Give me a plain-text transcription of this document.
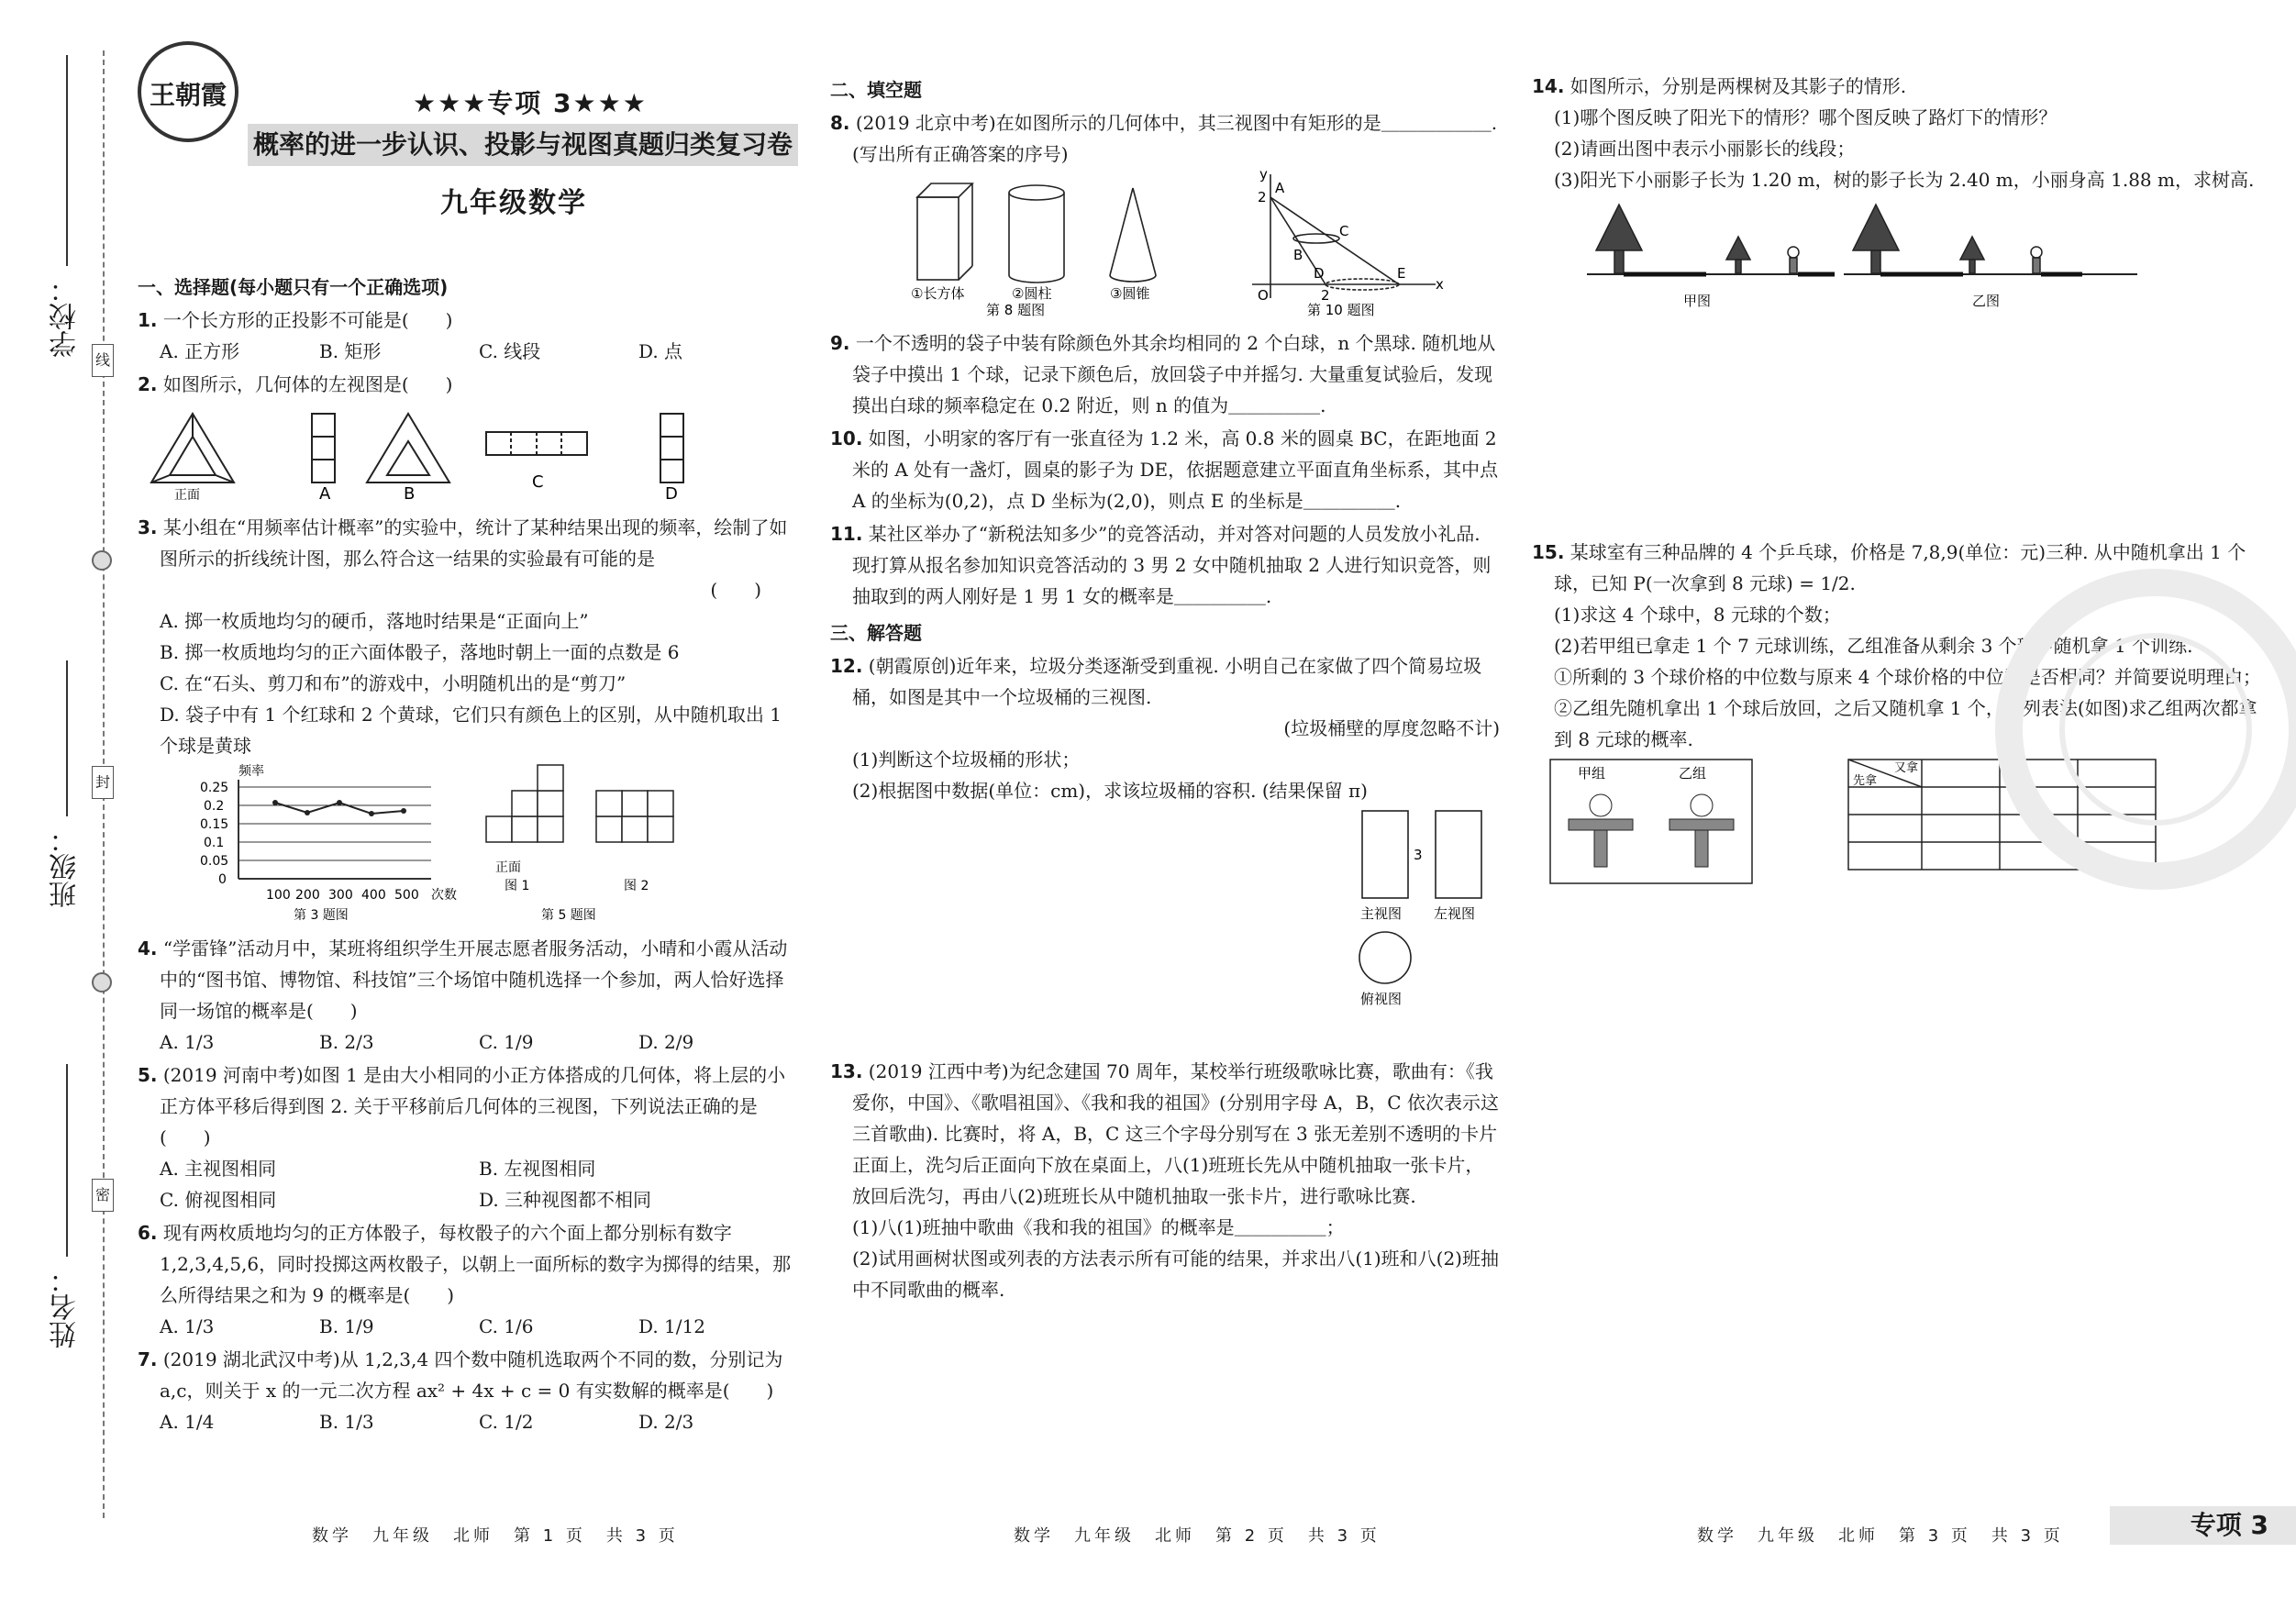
学校：
班级：
姓名：
线
封
密
王朝霞	★★★专项 3★★★
概率的进一步认识、投影与视图真题归类复习卷
九年级数学
一、选择题(每小题只有一个正确选项)
1. 一个长方形的正投影不可能是(　　)
A. 正方形	B. 矩形	C. 线段	D. 点
2. 如图所示，几何体的左视图是(　　)
正面	A	B
C
D
3. 某小组在“用频率估计概率”的实验中，统计了某种结果出现的频率，绘制了如图所示的折线统计图，那么符合这一结果的实验最有可能的是
(　　)
A. 掷一枚质地均匀的硬币，落地时结果是“正面向上”
B. 掷一枚质地均匀的正六面体骰子，落地时朝上一面的点数是 6
C. 在“石头、剪刀和布”的游戏中，小明随机出的是“剪刀”
D. 袋子中有 1 个红球和 2 个黄球，它们只有颜色上的区别，从中随机取出 1 个球是黄球
频率
0.25
0.2
0.15
0.1
0.05
0
100 200 300 400 500 次数
第 3 题图
正面
图 1	图 2
第 5 题图
4. “学雷锋”活动月中，某班将组织学生开展志愿者服务活动，小晴和小霞从活动中的“图书馆、博物馆、科技馆”三个场馆中随机选择一个参加，两人恰好选择同一场馆的概率是(　　)
A. 1/3	B. 2/3	C. 1/9	D. 2/9
5. (2019 河南中考)如图 1 是由大小相同的小正方体搭成的几何体，将上层的小正方体平移后得到图 2. 关于平移前后几何体的三视图，下列说法正确的是(　　)
A. 主视图相同	B. 左视图相同
C. 俯视图相同	D. 三种视图都不相同
6. 现有两枚质地均匀的正方体骰子，每枚骰子的六个面上都分别标有数字 1,2,3,4,5,6，同时投掷这两枚骰子，以朝上一面所标的数字为掷得的结果，那么所得结果之和为 9 的概率是(　　)
A. 1/3	B. 1/9	C. 1/6	D. 1/12
7. (2019 湖北武汉中考)从 1,2,3,4 四个数中随机选取两个不同的数，分别记为 a,c，则关于 x 的一元二次方程 ax² + 4x + c = 0 有实数解的概率是(　　)
A. 1/4	B. 1/3	C. 1/2	D. 2/3
二、填空题
8. (2019 北京中考)在如图所示的几何体中，其三视图中有矩形的是＿＿＿＿＿＿.(写出所有正确答案的序号)
①长方体	②圆柱	③圆锥
第 8 题图
y
A
2
C
B
D
2
E
x
O
第 10 题图
9. 一个不透明的袋子中装有除颜色外其余均相同的 2 个白球，n 个黑球. 随机地从袋子中摸出 1 个球，记录下颜色后，放回袋子中并摇匀. 大量重复试验后，发现摸出白球的频率稳定在 0.2 附近，则 n 的值为＿＿＿＿＿.
10. 如图，小明家的客厅有一张直径为 1.2 米，高 0.8 米的圆桌 BC，在距地面 2 米的 A 处有一盏灯，圆桌的影子为 DE，依据题意建立平面直角坐标系，其中点 A 的坐标为(0,2)，点 D 坐标为(2,0)，则点 E 的坐标是＿＿＿＿＿.
11. 某社区举办了“新税法知多少”的竞答活动，并对答对问题的人员发放小礼品. 现打算从报名参加知识竞答活动的 3 男 2 女中随机抽取 2 人进行知识竞答，则抽取到的两人刚好是 1 男 1 女的概率是＿＿＿＿＿.
三、解答题
12. (朝霞原创)近年来，垃圾分类逐渐受到重视. 小明自己在家做了四个简易垃圾桶，如图是其中一个垃圾桶的三视图.
(垃圾桶壁的厚度忽略不计)
(1)判断这个垃圾桶的形状；
(2)根据图中数据(单位：cm)，求该垃圾桶的容积. (结果保留 π)
3
主视图 左视图
俯视图
13. (2019 江西中考)为纪念建国 70 周年，某校举行班级歌咏比赛，歌曲有：《我爱你，中国》、《歌唱祖国》、《我和我的祖国》(分别用字母 A，B，C 依次表示这三首歌曲). 比赛时，将 A，B，C 这三个字母分别写在 3 张无差别不透明的卡片正面上，洗匀后正面向下放在桌面上，八(1)班班长先从中随机抽取一张卡片，放回后洗匀，再由八(2)班班长从中随机抽取一张卡片，进行歌咏比赛.
(1)八(1)班抽中歌曲《我和我的祖国》的概率是＿＿＿＿＿；
(2)试用画树状图或列表的方法表示所有可能的结果，并求出八(1)班和八(2)班抽中不同歌曲的概率.
14. 如图所示，分别是两棵树及其影子的情形.
(1)哪个图反映了阳光下的情形？哪个图反映了路灯下的情形？
(2)请画出图中表示小丽影长的线段；
(3)阳光下小丽影子长为 1.20 m，树的影子长为 2.40 m，小丽身高 1.88 m，求树高.
甲图	乙图
15. 某球室有三种品牌的 4 个乒乓球，价格是 7,8,9(单位：元)三种. 从中随机拿出 1 个球，已知 P(一次拿到 8 元球) = 1/2.
(1)求这 4 个球中，8 元球的个数；
(2)若甲组已拿走 1 个 7 元球训练，乙组准备从剩余 3 个球中随机拿 1 个训练.
①所剩的 3 个球价格的中位数与原来 4 个球价格的中位数是否相同？并简要说明理由；
②乙组先随机拿出 1 个球后放回，之后又随机拿 1 个，用列表法(如图)求乙组两次都拿到 8 元球的概率.
甲组	乙组	又拿
先拿
数学　九年级　北师　第 1 页　共 3 页	数学　九年级　北师　第 2 页　共 3 页	数学　九年级　北师　第 3 页　共 3 页	专项 3
